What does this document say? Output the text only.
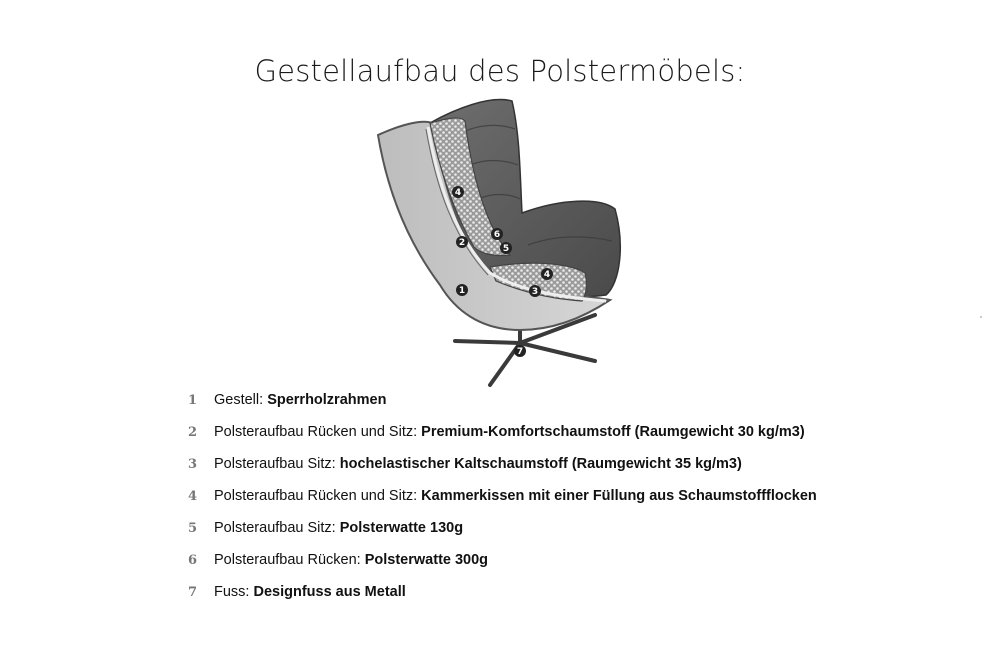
Gestellaufbau des Polstermöbels:
4
2
6
5
4
3
1
7
1	Gestell: Sperrholzrahmen
2	Polsteraufbau Rücken und Sitz: Premium-Komfortschaumstoff (Raumgewicht 30 kg/m3)
3	Polsteraufbau Sitz: hochelastischer Kaltschaumstoff (Raumgewicht 35 kg/m3)
4	Polsteraufbau Rücken und Sitz: Kammerkissen mit einer Füllung aus Schaumstoffflocken
5	Polsteraufbau Sitz: Polsterwatte 130g
6	Polsteraufbau Rücken: Polsterwatte 300g
7	Fuss: Designfuss aus Metall
